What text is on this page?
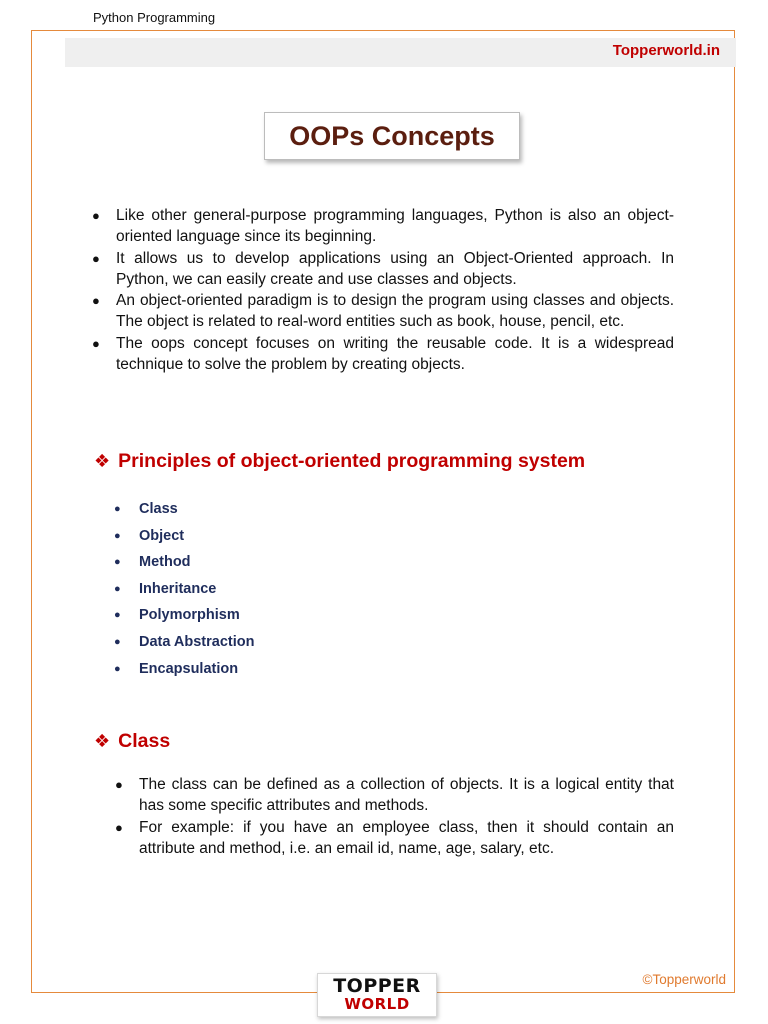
Python Programming
Topperworld.in
OOPs Concepts
● Like other general-purpose programming languages, Python is also an object-oriented language since its beginning.
● It allows us to develop applications using an Object-Oriented approach. In Python, we can easily create and use classes and objects.
● An object-oriented paradigm is to design the program using classes and objects. The object is related to real-word entities such as book, house, pencil, etc.
● The oops concept focuses on writing the reusable code. It is a widespread technique to solve the problem by creating objects.
❖ Principles of object-oriented programming system
● Class
● Object
● Method
● Inheritance
● Polymorphism
● Data Abstraction
● Encapsulation
❖ Class
● The class can be defined as a collection of objects. It is a logical entity that has some specific attributes and methods.
● For example: if you have an employee class, then it should contain an attribute and method, i.e. an email id, name, age, salary, etc.
©Topperworld
TOPPER
WORLD
